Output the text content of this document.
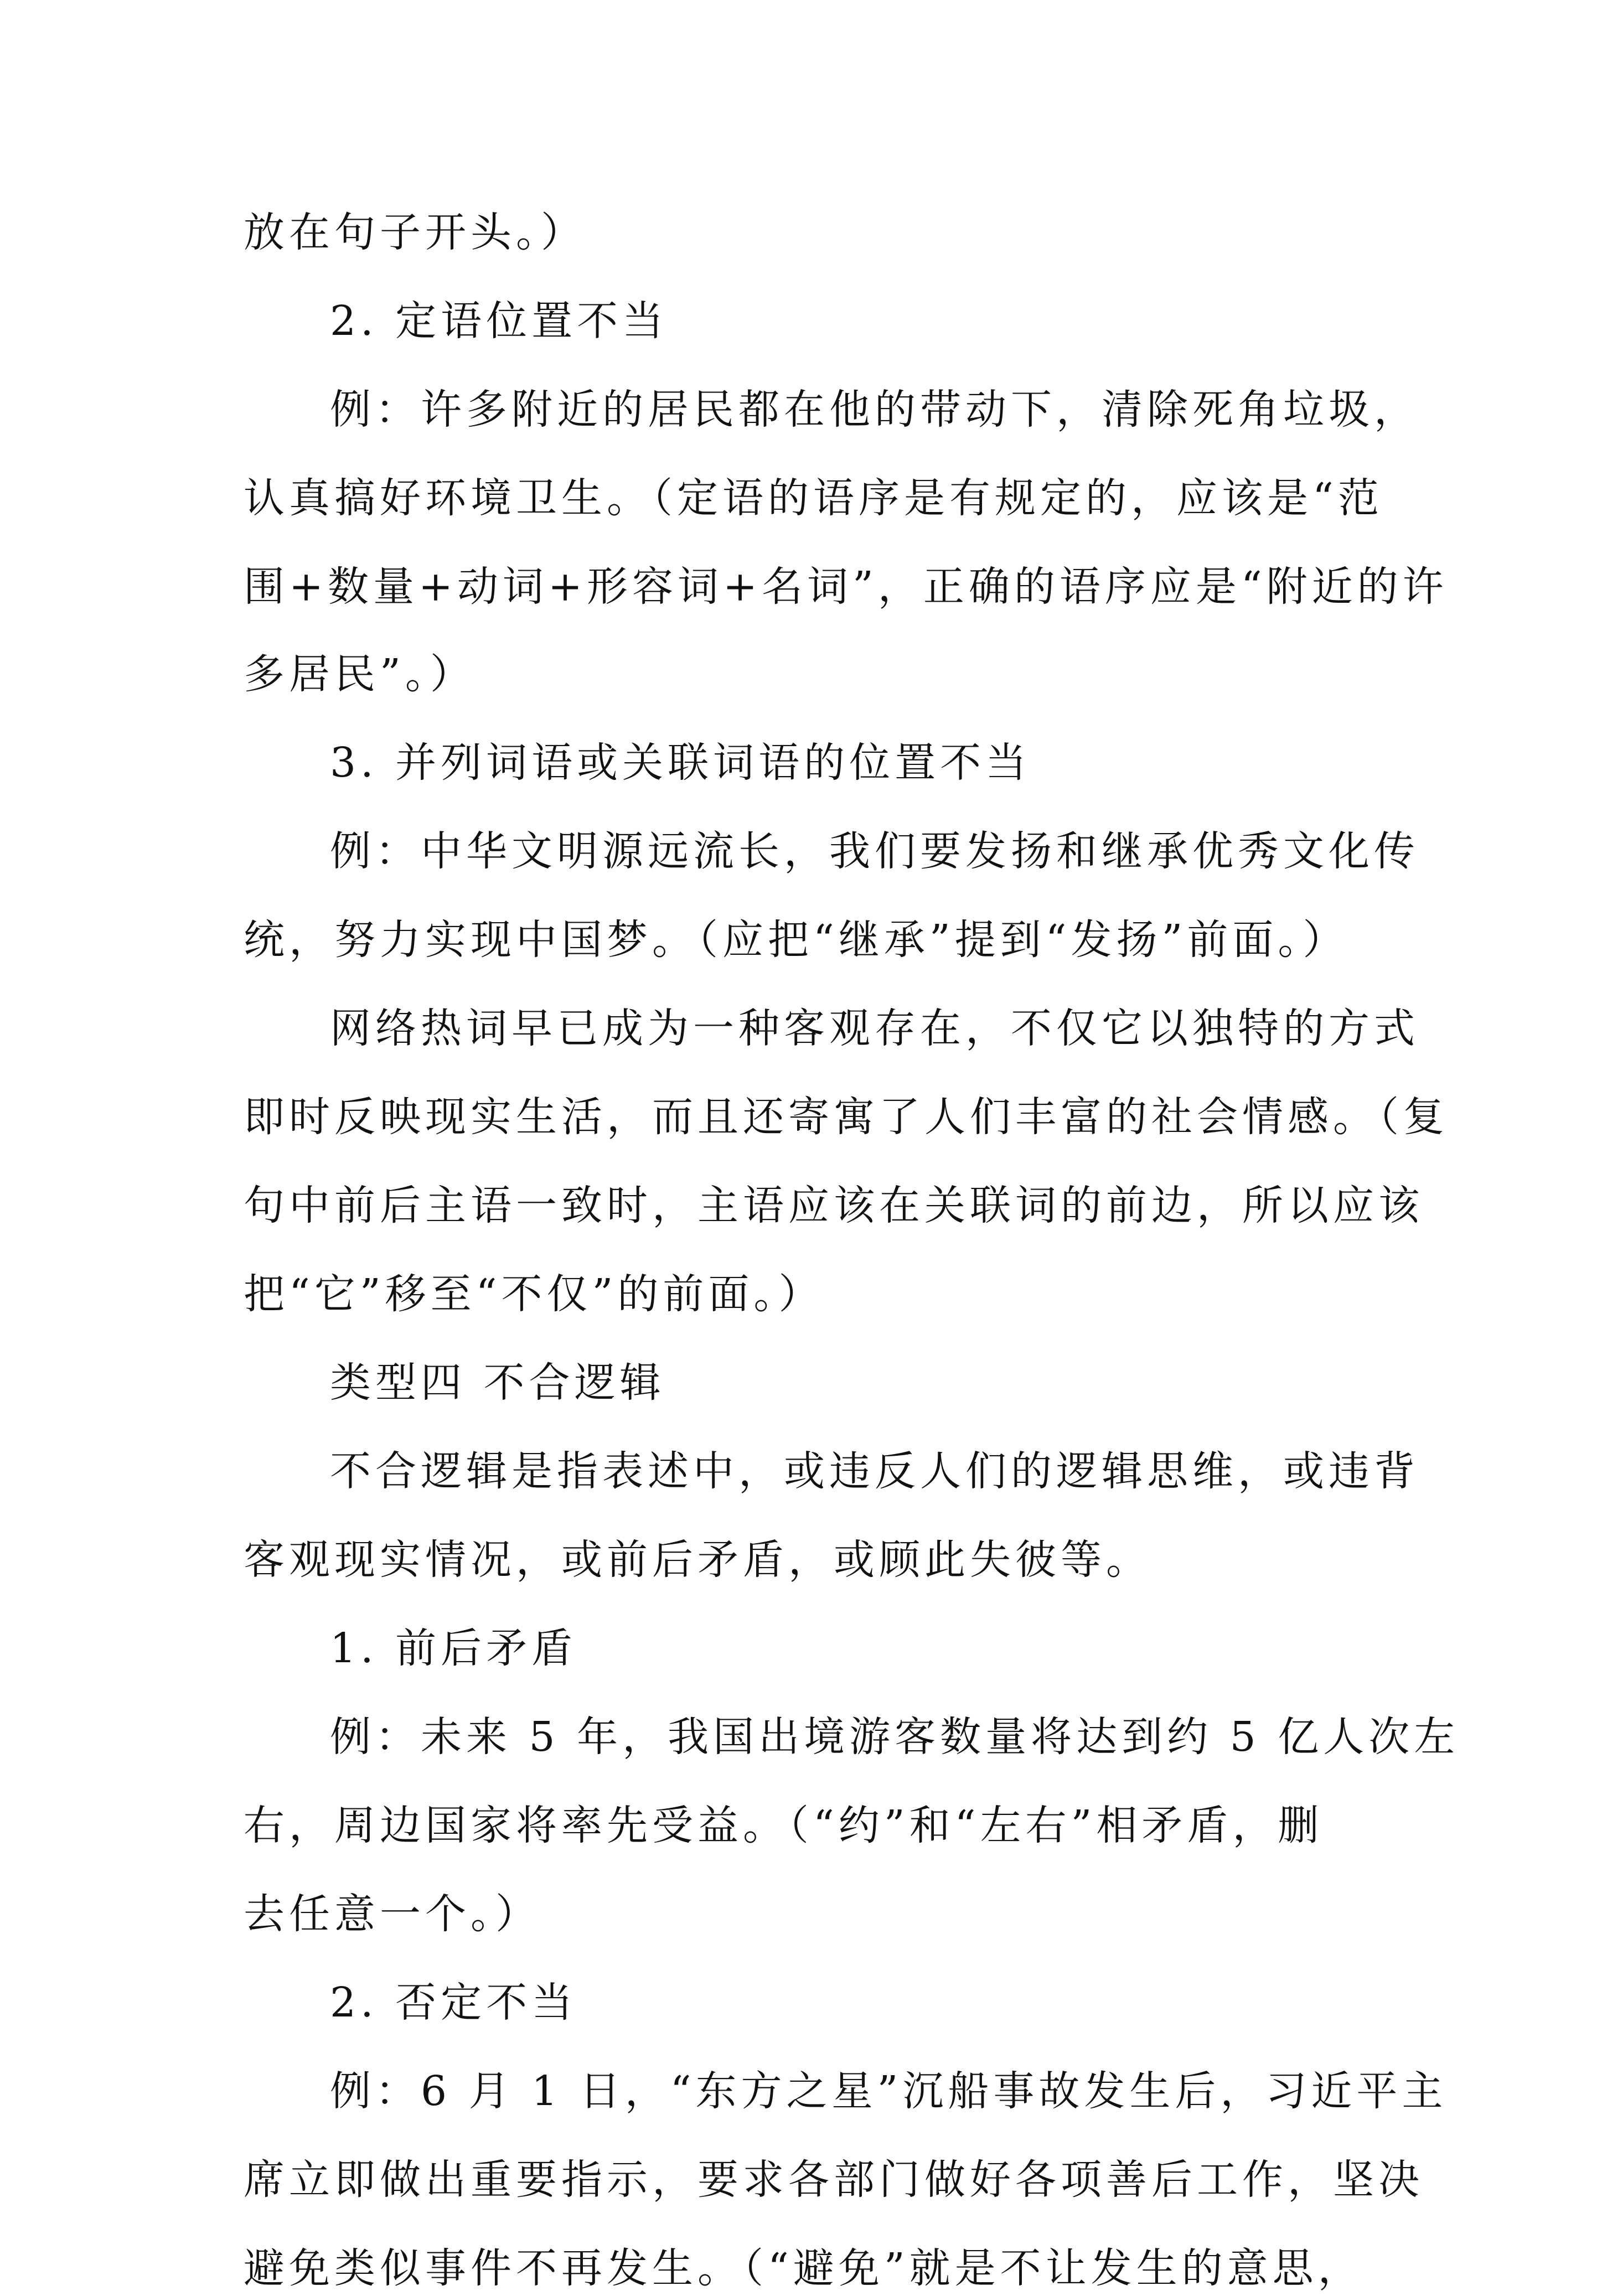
放在句子开头。）
2. 定语位置不当
例：许多附近的居民都在他的带动下，清除死角垃圾，
认真搞好环境卫生。（定语的语序是有规定的，应该是“范
围+数量+动词+形容词+名词”，正确的语序应是“附近的许
多居民”。）
3. 并列词语或关联词语的位置不当
例：中华文明源远流长，我们要发扬和继承优秀文化传
统，努力实现中国梦。（应把“继承”提到“发扬”前面。）
网络热词早已成为一种客观存在，不仅它以独特的方式
即时反映现实生活，而且还寄寓了人们丰富的社会情感。（复
句中前后主语一致时，主语应该在关联词的前边，所以应该
把“它”移至“不仅”的前面。）
类型四 不合逻辑
不合逻辑是指表述中，或违反人们的逻辑思维，或违背
客观现实情况，或前后矛盾，或顾此失彼等。
1. 前后矛盾
例：未来 5 年，我国出境游客数量将达到约 5 亿人次左
右，周边国家将率先受益。（“约”和“左右”相矛盾，删
去任意一个。）
2. 否定不当
例：6 月 1 日，“东方之星”沉船事故发生后，习近平主
席立即做出重要指示，要求各部门做好各项善后工作，坚决
避免类似事件不再发生。（“避免”就是不让发生的意思，
